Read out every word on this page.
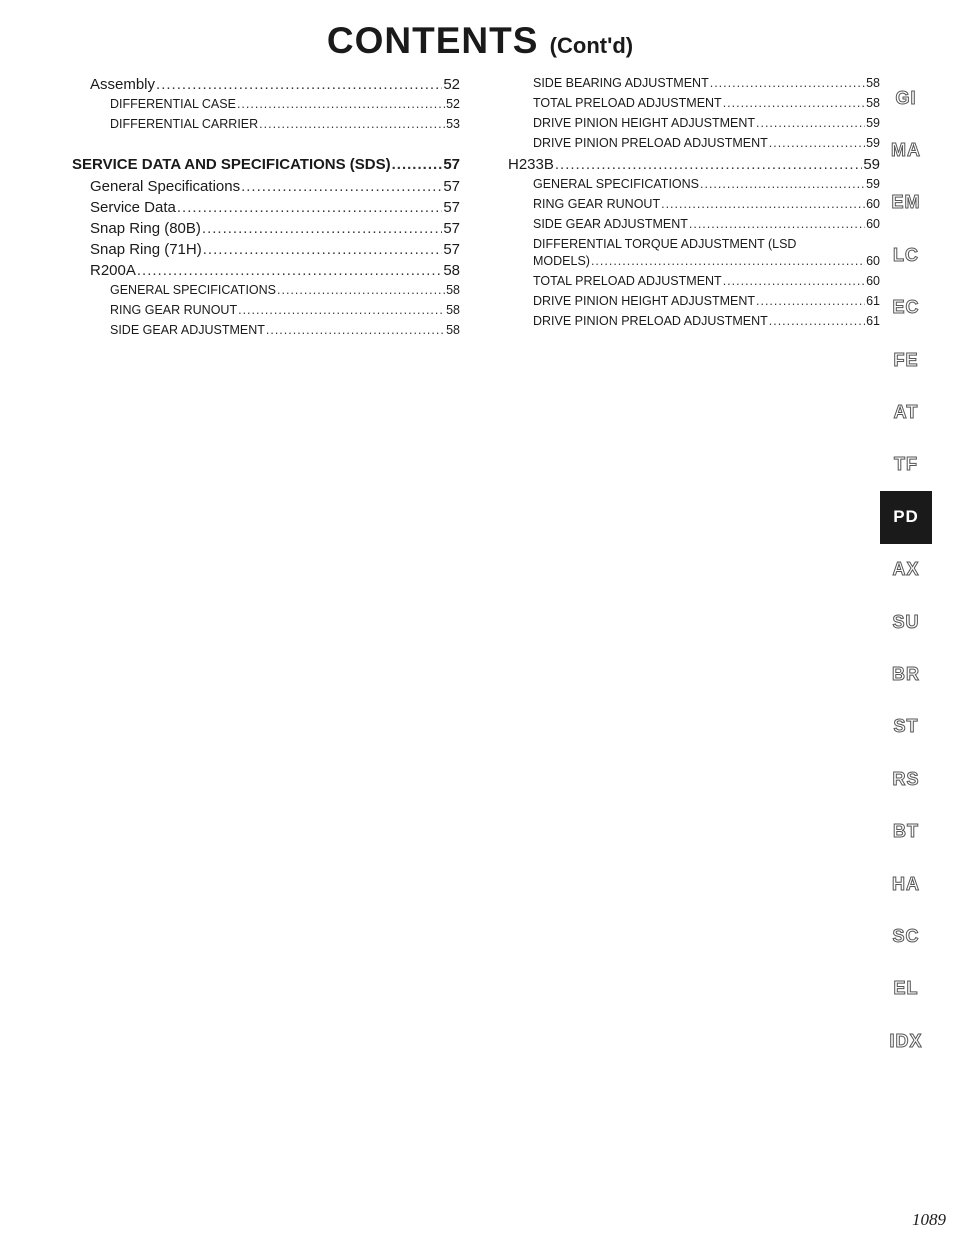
CONTENTS (Cont'd)
Assembly .....	52
DIFFERENTIAL CASE .....	52
DIFFERENTIAL CARRIER .....	53
SERVICE DATA AND SPECIFICATIONS (SDS) .....	57
General Specifications .....	57
Service Data .....	57
Snap Ring (80B) .....	57
Snap Ring (71H) .....	57
R200A .....	58
GENERAL SPECIFICATIONS .....	58
RING GEAR RUNOUT .....	58
SIDE GEAR ADJUSTMENT .....	58
SIDE BEARING ADJUSTMENT .....	58
TOTAL PRELOAD ADJUSTMENT .....	58
DRIVE PINION HEIGHT ADJUSTMENT .....	59
DRIVE PINION PRELOAD ADJUSTMENT .....	59
H233B .....	59
GENERAL SPECIFICATIONS .....	59
RING GEAR RUNOUT .....	60
SIDE GEAR ADJUSTMENT .....	60
DIFFERENTIAL TORQUE ADJUSTMENT (LSD
MODELS) .....	60
TOTAL PRELOAD ADJUSTMENT .....	60
DRIVE PINION HEIGHT ADJUSTMENT .....	61
DRIVE PINION PRELOAD ADJUSTMENT .....	61
GI
MA
EM
LC
EC
FE
AT
TF
PD
AX
SU
BR
ST
RS
BT
HA
SC
EL
IDX
1089
